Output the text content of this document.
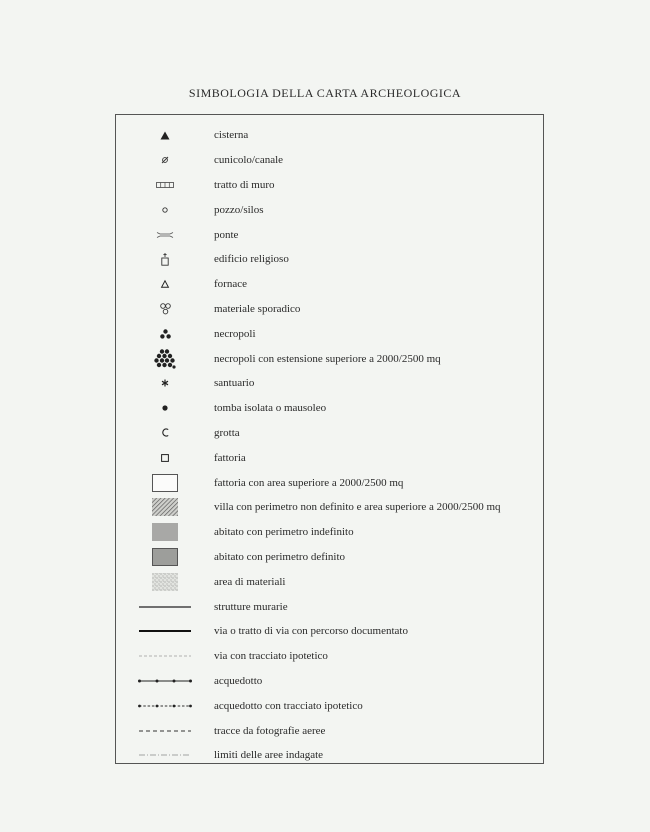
SIMBOLOGIA DELLA CARTA ARCHEOLOGICA
cisterna
cunicolo/canale
tratto di muro
pozzo/silos
ponte
edificio religioso
fornace
materiale sporadico
necropoli
necropoli con estensione superiore a 2000/2500 mq
santuario
tomba isolata o mausoleo
grotta
fattoria
fattoria con area superiore a 2000/2500 mq
villa con perimetro non definito e area superiore a 2000/2500 mq
abitato con perimetro indefinito
abitato con perimetro definito
area di materiali
strutture murarie
via o tratto di via con percorso documentato
via con tracciato ipotetico
acquedotto
acquedotto con tracciato ipotetico
tracce da fotografie aeree
limiti delle aree indagate
